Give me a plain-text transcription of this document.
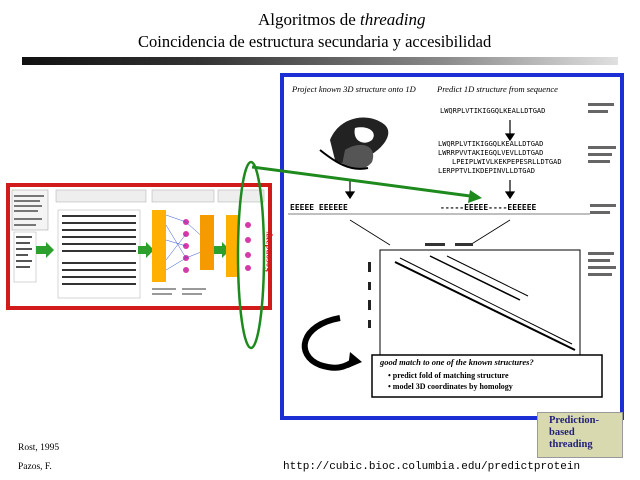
Algoritmos de threading
Coincidencia de estructura secundaria y accesibilidad
Project known 3D structure onto 1D Predict 1D structure from sequence
LWQRPLVTIKIGGQLKEALLDTGAD
LWQRPLVTIKIGGQLKEALLDTGAD
LWRRPVVTAKIEGQLVEVLLDTGAD
LPEIPLWIVLKEKPEPESRLLDTGAD
LERPPTVLIKDEPINVLLDTGAD
EEEEE EEEEEE	-----EEEEE----EEEEEE
good match to one of the known structures?
• predict fold of matching structure
• model 3D coordinates by homology
Secondary
Rost, 1995
Pazos, F.	http://cubic.bioc.columbia.edu/predictprotein
Prediction-
based
threading
